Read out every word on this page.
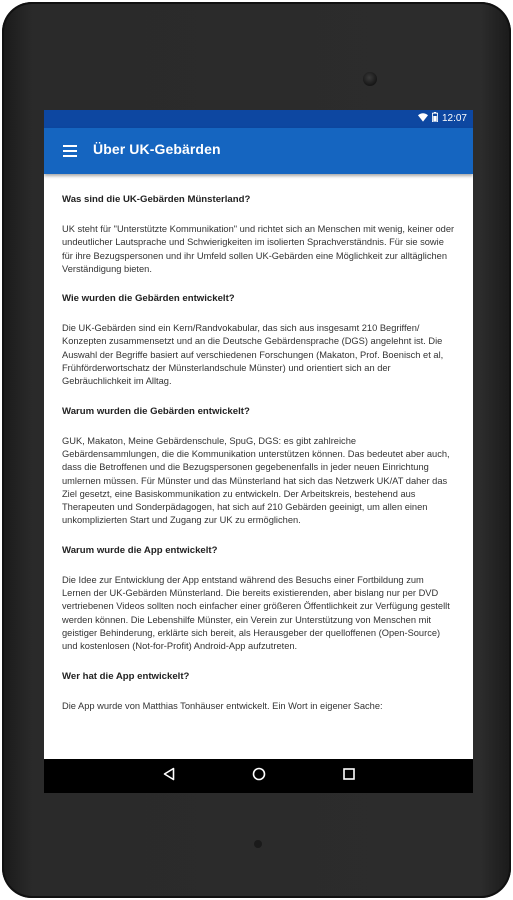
12:07
Über UK-Gebärden
Was sind die UK-Gebärden Münsterland?

UK steht für "Unterstützte Kommunikation" und richtet sich an Menschen mit wenig, keiner oder undeutlicher Lautsprache und Schwierigkeiten im isolierten Sprachverständnis. Für sie sowie für ihre Bezugspersonen und ihr Umfeld sollen UK-Gebärden eine Möglichkeit zur alltäglichen Verständigung bieten.

Wie wurden die Gebärden entwickelt?

Die UK-Gebärden sind ein Kern/Randvokabular, das sich aus insgesamt 210 Begriffen/ Konzepten zusammensetzt und an die Deutsche Gebärdensprache (DGS) angelehnt ist. Die Auswahl der Begriffe basiert auf verschiedenen Forschungen (Makaton, Prof. Boenisch et al, Frühförderwortschatz der Münsterlandschule Münster) und orientiert sich an der Gebräuchlichkeit im Alltag.

Warum wurden die Gebärden entwickelt?

GUK, Makaton, Meine Gebärdenschule, SpuG, DGS: es gibt zahlreiche Gebärdensammlungen, die die Kommunikation unterstützen können. Das bedeutet aber auch, dass die Betroffenen und die Bezugspersonen gegebenenfalls in jeder neuen Einrichtung umlernen müssen. Für Münster und das Münsterland hat sich das Netzwerk UK/AT daher das Ziel gesetzt, eine Basiskommunikation zu entwickeln. Der Arbeitskreis, bestehend aus Therapeuten und Sonderpädagogen, hat sich auf 210 Gebärden geeinigt, um allen einen unkomplizierten Start und Zugang zur UK zu ermöglichen.

Warum wurde die App entwickelt?

Die Idee zur Entwicklung der App entstand während des Besuchs einer Fortbildung zum Lernen der UK-Gebärden Münsterland. Die bereits existierenden, aber bislang nur per DVD vertriebenen Videos sollten noch einfacher einer größeren Öffentlichkeit zur Verfügung gestellt werden können. Die Lebenshilfe Münster, ein Verein zur Unterstützung von Menschen mit geistiger Behinderung, erklärte sich bereit, als Herausgeber der quelloffenen (Open-Source) und kostenlosen (Not-for-Profit) Android-App aufzutreten.

Wer hat die App entwickelt?

Die App wurde von Matthias Tonhäuser entwickelt. Ein Wort in eigener Sache:
